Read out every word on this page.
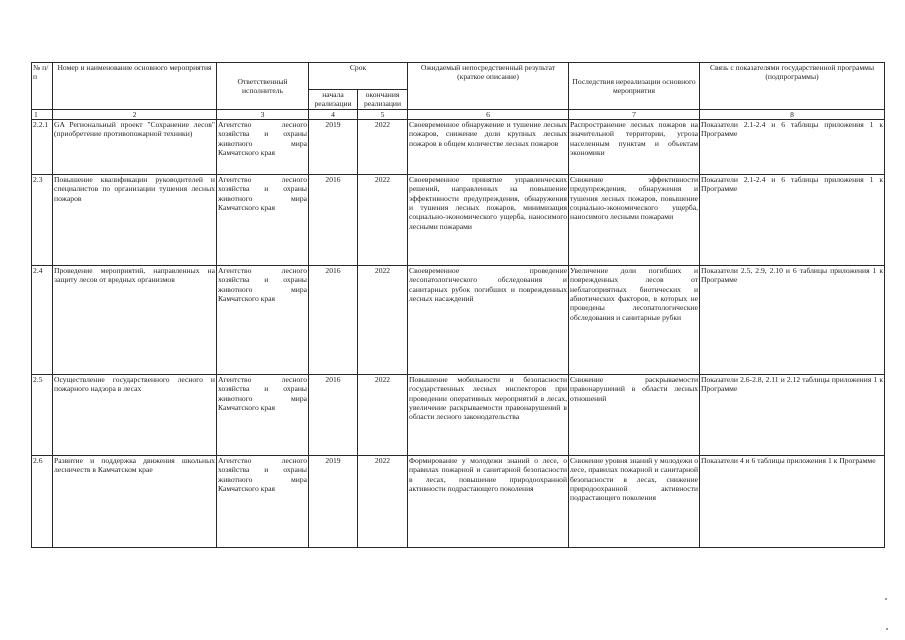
№ п/п	Номер и наименование основного мероприятия	Ответственный исполнитель	Срок		Ожидаемый непосредственный результат (краткое описание)	Последствия нереализации основного мероприятия	Связь с показателями государственной программы (подпрограммы)
			начала реализации	окончания реализации			
1	2	3	4	5	6	7	8
2.2.1	GA Региональный проект "Сохранение лесов" (приобретение противопожарной техники)	Агентство лесного хозяйства и охраны животного мира Камчатского края	2019	2022	Своевременное обнаружение и тушение лесных пожаров, снижение доли крупных лесных пожаров в общем количестве лесных пожаров	Распространение лесных пожаров на значительной территории, угроза населенным пунктам и объектам экономики	Показатели 2.1-2.4 и 6 таблицы приложения 1 к Программе
2.3	Повышение квалификации руководителей и специалистов по организации тушения лесных пожаров	Агентство лесного хозяйства и охраны животного мира Камчатского края	2016	2022	Своевременное принятие управленческих решений, направленных на повышение эффективности предупреждения, обнаружения и тушения лесных пожаров, минимизация социально-экономического ущерба, наносимого лесными пожарами	Снижение эффективности предупреждения, обнаружения и тушения лесных пожаров, повышение социально-экономического ущерба, наносимого лесными пожарами	Показатели 2.1-2.4 и 6 таблицы приложения 1 к Программе
2.4	Проведение мероприятий, направленных на защиту лесов от вредных организмов	Агентство лесного хозяйства и охраны животного мира Камчатского края	2016	2022	Своевременное проведение лесопатологического обследования и санитарных рубок погибших и поврежденных лесных насаждений	Увеличение доли погибших и поврежденных лесов от неблагоприятных биотических и абиотических факторов, в которых не проведены лесопатологические обследования и санитарные рубки	Показатели 2.5, 2.9, 2.10 и 6 таблицы приложения 1 к Программе
2.5	Осуществление государственного лесного и пожарного надзора в лесах	Агентство лесного хозяйства и охраны животного мира Камчатского края	2016	2022	Повышение мобильности и безопасности государственных лесных инспекторов при проведении оперативных мероприятий в лесах, увеличение раскрываемости правонарушений в области лесного законодательства	Снижение раскрываемости правонарушений в области лесных отношений	Показатели 2.6-2.8, 2.11 и 2.12 таблицы приложения 1 к Программе
2.6	Развитие и поддержка движения школьных лесничеств в Камчатском крае	Агентство лесного хозяйства и охраны животного мира Камчатского края	2019	2022	Формирование у молодежи знаний о лесе, о правилах пожарной и санитарной безопасности в лесах, повышение природоохранной активности подрастающего поколения	Снижение уровня знаний у молодежи о лесе, правилах пожарной и санитарной безопасности в лесах, снижение природоохранной активности подрастающего поколения	Показатели 4 и 6 таблицы приложения 1 к Программе
